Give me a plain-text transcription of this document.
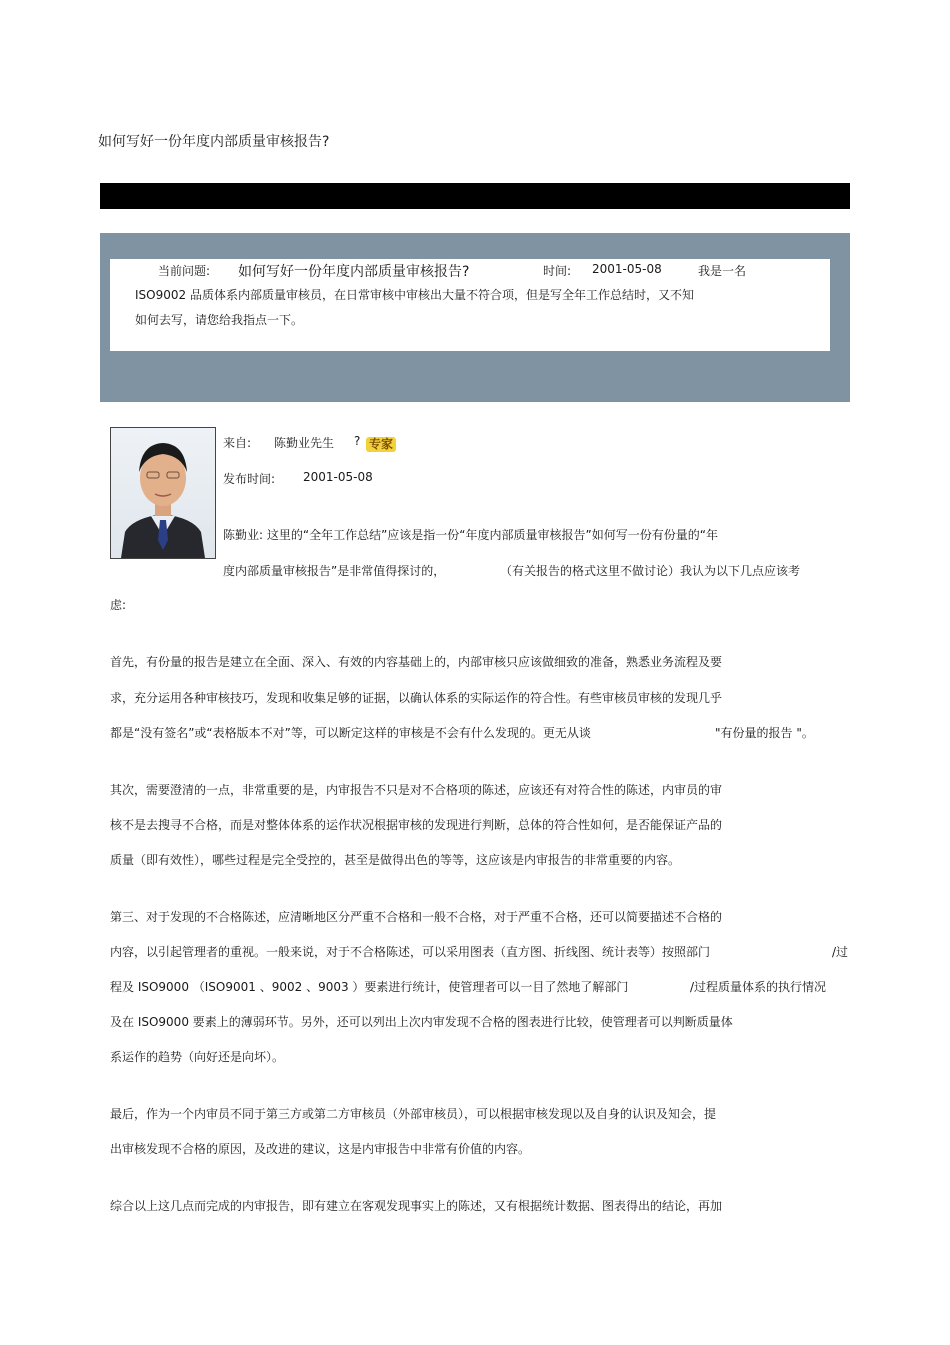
如何写好一份年度内部质量审核报告?
当前问题: 如何写好一份年度内部质量审核报告?	时间: 2001-05-08	我是一名
ISO9002 品质体系内部质量审核员，在日常审核中审核出大量不符合项，但是写全年工作总结时，又不知
如何去写，请您给我指点一下。
来自: 陈勤业先生 ? 专家
发布时间: 2001-05-08
陈勤业: 这里的“全年工作总结”应该是指一份“年度内部质量审核报告”如何写一份有份量的“年
度内部质量审核报告”是非常值得探讨的，	（有关报告的格式这里不做讨论）我认为以下几点应该考
虑:
首先，有份量的报告是建立在全面、深入、有效的内容基础上的，内部审核只应该做细致的准备，熟悉业务流程及要
求，充分运用各种审核技巧，发现和收集足够的证据，以确认体系的实际运作的符合性。有些审核员审核的发现几乎
都是“没有签名”或“表格版本不对”等，可以断定这样的审核是不会有什么发现的。更无从谈	"有份量的报告 "。
其次，需要澄清的一点，非常重要的是，内审报告不只是对不合格项的陈述，应该还有对符合性的陈述，内审员的审
核不是去搜寻不合格，而是对整体体系的运作状况根据审核的发现进行判断，总体的符合性如何，是否能保证产品的
质量（即有效性），哪些过程是完全受控的，甚至是做得出色的等等，这应该是内审报告的非常重要的内容。
第三、对于发现的不合格陈述，应清晰地区分严重不合格和一般不合格，对于严重不合格，还可以简要描述不合格的
内容，以引起管理者的重视。一般来说，对于不合格陈述，可以采用图表（直方图、折线图、统计表等）按照部门	/过
程及 ISO9000 （ISO9001 、9002 、9003 ）要素进行统计，使管理者可以一目了然地了解部门	/过程质量体系的执行情况
及在 ISO9000 要素上的薄弱环节。另外，还可以列出上次内审发现不合格的图表进行比较，使管理者可以判断质量体
系运作的趋势（向好还是向坏）。
最后，作为一个内审员不同于第三方或第二方审核员（外部审核员），可以根据审核发现以及自身的认识及知会，提
出审核发现不合格的原因，及改进的建议，这是内审报告中非常有价值的内容。
综合以上这几点而完成的内审报告，即有建立在客观发现事实上的陈述，又有根据统计数据、图表得出的结论，再加
